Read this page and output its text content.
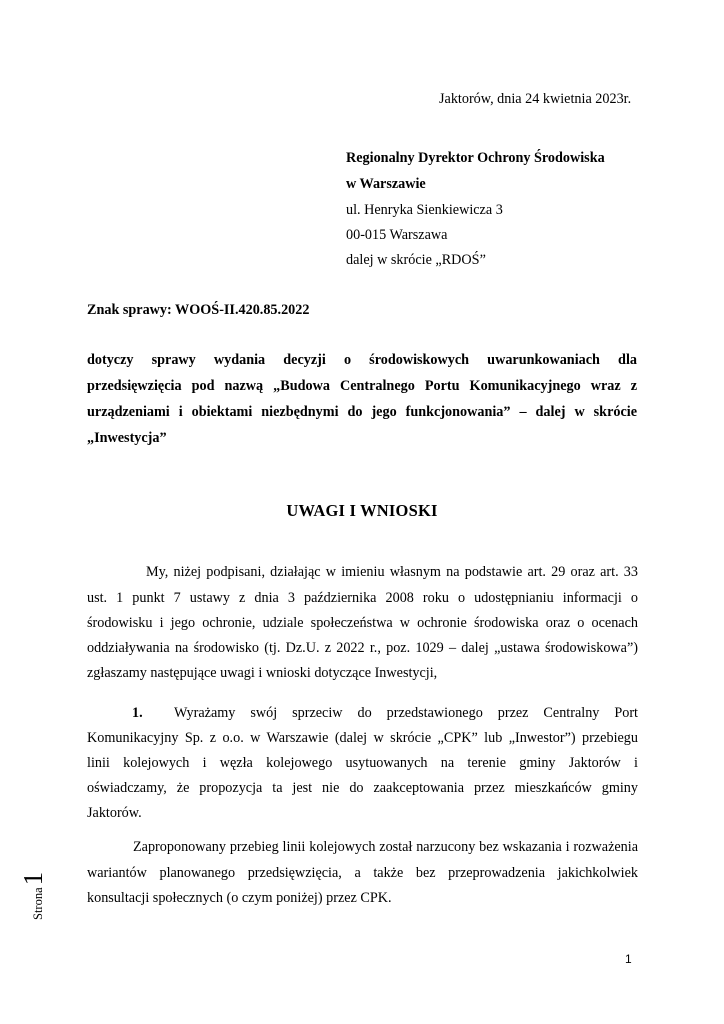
Jaktorów, dnia 24 kwietnia 2023r.
Regionalny Dyrektor Ochrony Środowiska
w Warszawie
ul. Henryka Sienkiewicza 3
00-015 Warszawa
dalej w skrócie „RDOŚ”
Znak sprawy: WOOŚ-II.420.85.2022
dotyczy sprawy wydania decyzji o środowiskowych uwarunkowaniach dla
przedsięwzięcia pod nazwą „Budowa Centralnego Portu Komunikacyjnego wraz z
urządzeniami i obiektami niezbędnymi do jego funkcjonowania” – dalej w skrócie
„Inwestycja”
UWAGI I WNIOSKI
My, niżej podpisani, działając w imieniu własnym na podstawie art. 29 oraz art. 33
ust. 1 punkt 7 ustawy z dnia 3 października 2008 roku o udostępnianiu informacji o
środowisku i jego ochronie, udziale społeczeństwa w ochronie środowiska oraz o ocenach
oddziaływania na środowisko (tj. Dz.U. z 2022 r., poz. 1029 – dalej „ustawa środowiskowa”)
zgłaszamy następujące uwagi i wnioski dotyczące Inwestycji,
1. Wyrażamy swój sprzeciw do przedstawionego przez Centralny Port
Komunikacyjny Sp. z o.o. w Warszawie (dalej w skrócie „CPK” lub „Inwestor”) przebiegu
linii kolejowych i węzła kolejowego usytuowanych na terenie gminy Jaktorów i
oświadczamy, że propozycja ta jest nie do zaakceptowania przez mieszkańców gminy
Jaktorów.
Zaproponowany przebieg linii kolejowych został narzucony bez wskazania i rozważenia
wariantów planowanego przedsięwzięcia, a także bez przeprowadzenia jakichkolwiek
konsultacji społecznych (o czym poniżej) przez CPK.
Strona1
1
